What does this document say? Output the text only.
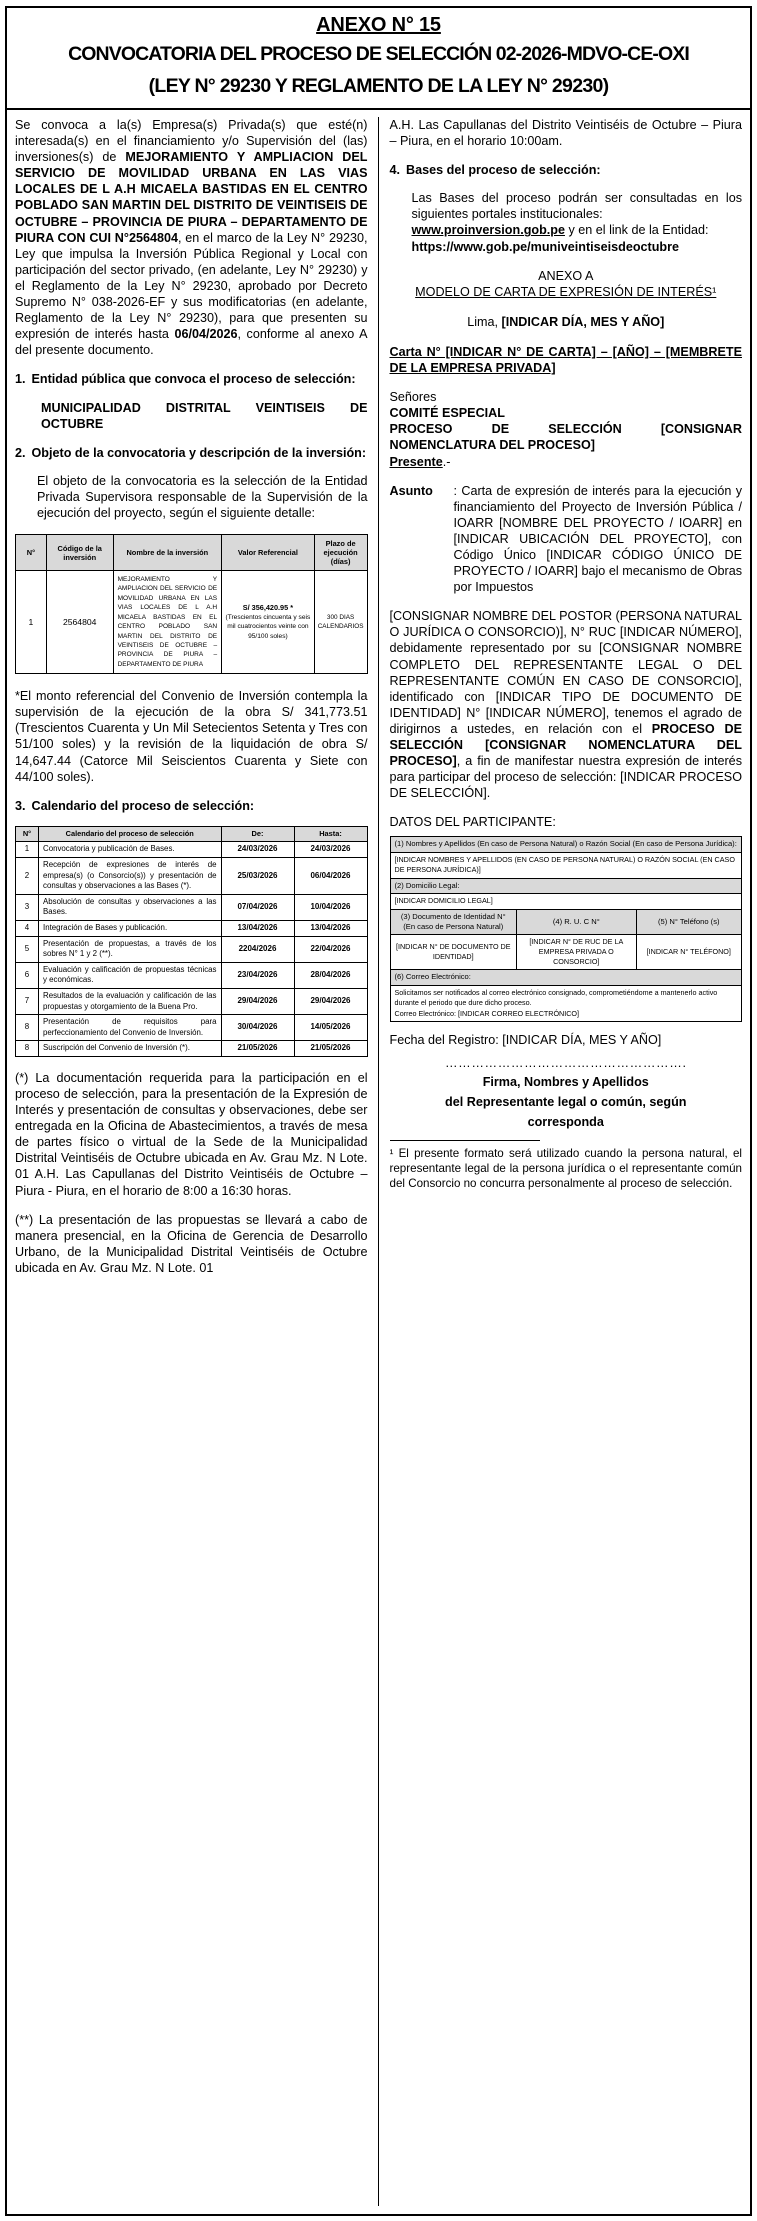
ANEXO N° 15
CONVOCATORIA DEL PROCESO DE SELECCIÓN 02-2026-MDVO-CE-OXI
(LEY N° 29230 Y REGLAMENTO DE LA LEY N° 29230)

Se convoca a la(s) Empresa(s) Privada(s) que esté(n) interesada(s) en el financiamiento y/o Supervisión del (las) inversiones(s) de MEJORAMIENTO Y AMPLIACION DEL SERVICIO DE MOVILIDAD URBANA EN LAS VIAS LOCALES DE L A.H MICAELA BASTIDAS EN EL CENTRO POBLADO SAN MARTIN DEL DISTRITO DE VEINTISEIS DE OCTUBRE – PROVINCIA DE PIURA – DEPARTAMENTO DE PIURA CON CUI N°2564804, en el marco de la Ley N° 29230, Ley que impulsa la Inversión Pública Regional y Local con participación del sector privado, (en adelante, Ley N° 29230) y el Reglamento de la Ley N° 29230, aprobado por Decreto Supremo N° 038-2026-EF y sus modificatorias (en adelante, Reglamento de la Ley N° 29230), para que presenten su expresión de interés hasta 06/04/2026, conforme al anexo A del presente documento.

1. Entidad pública que convoca el proceso de selección:

MUNICIPALIDAD DISTRITAL VEINTISEIS DE OCTUBRE

2. Objeto de la convocatoria y descripción de la inversión:

El objeto de la convocatoria es la selección de la Entidad Privada Supervisora responsable de la Supervisión de la ejecución del proyecto, según el siguiente detalle:

N°	Código de la inversión	Nombre de la inversión	Valor Referencial	Plazo de ejecución (días)
1	2564804	MEJORAMIENTO Y AMPLIACION DEL SERVICIO DE MOVILIDAD URBANA EN LAS VIAS LOCALES DE L A.H MICAELA BASTIDAS EN EL CENTRO POBLADO SAN MARTIN DEL DISTRITO DE VEINTISEIS DE OCTUBRE – PROVINCIA DE PIURA – DEPARTAMENTO DE PIURA	S/ 356,420.95 *
(Trescientos cincuenta y seis mil cuatrocientos veinte con 95/100 soles)	300 DIAS CALENDARIOS

*El monto referencial del Convenio de Inversión contempla la supervisión de la ejecución de la obra S/ 341,773.51 (Trescientos Cuarenta y Un Mil Setecientos Setenta y Tres con 51/100 soles) y la revisión de la liquidación de obra S/ 14,647.44 (Catorce Mil Seiscientos Cuarenta y Siete con 44/100 soles).

3. Calendario del proceso de selección:
N°	Calendario del proceso de selección	De:	Hasta:
1	Convocatoria y publicación de Bases.	24/03/2026	24/03/2026
2	Recepción de expresiones de interés de empresa(s) (o Consorcio(s)) y presentación de consultas y observaciones a las Bases (*).	25/03/2026	06/04/2026
3	Absolución de consultas y observaciones a las Bases.	07/04/2026	10/04/2026
4	Integración de Bases y publicación.	13/04/2026	13/04/2026
5	Presentación de propuestas, a través de los sobres N° 1 y 2 (**).	2204/2026	22/04/2026
6	Evaluación y calificación de propuestas técnicas y económicas.	23/04/2026	28/04/2026
7	Resultados de la evaluación y calificación de las propuestas y otorgamiento de la Buena Pro.	29/04/2026	29/04/2026
8	Presentación de requisitos para perfeccionamiento del Convenio de Inversión.	30/04/2026	14/05/2026
8	Suscripción del Convenio de Inversión (*).	21/05/2026	21/05/2026

(*) La documentación requerida para la participación en el proceso de selección, para la presentación de la Expresión de Interés y presentación de consultas y observaciones, debe ser entregada en la Oficina de Abastecimientos, a través de mesa de partes físico o virtual de la Sede de la Municipalidad Distrital Veintiséis de Octubre ubicada en Av. Grau Mz. N Lote. 01 A.H. Las Capullanas del Distrito Veintiséis de Octubre – Piura - Piura, en el horario de 8:00 a 16:30 horas.

(**) La presentación de las propuestas se llevará a cabo de manera presencial, en la Oficina de Gerencia de Desarrollo Urbano, de la Municipalidad Distrital Veintiséis de Octubre ubicada en Av. Grau Mz. N Lote. 01

A.H. Las Capullanas del Distrito Veintiséis de Octubre – Piura – Piura, en el horario 10:00am.

4. Bases del proceso de selección:

Las Bases del proceso podrán ser consultadas en los siguientes portales institucionales:

www.proinversion.gob.pe y en el link de la Entidad:
https://www.gob.pe/muniveintiseisdeoctubre

ANEXO A

MODELO DE CARTA DE EXPRESIÓN DE INTERÉS¹

Lima, [INDICAR DÍA, MES Y AÑO]

Carta N° [INDICAR N° DE CARTA] – [AÑO] – [MEMBRETE DE LA EMPRESA PRIVADA]

Señores

COMITÉ ESPECIAL

PROCESO DE SELECCIÓN [CONSIGNAR NOMENCLATURA DEL PROCESO]

Presente.-

Asunto	: Carta de expresión de interés para la ejecución y financiamiento del Proyecto de Inversión Pública / IOARR [NOMBRE DEL PROYECTO / IOARR] en [INDICAR UBICACIÓN DEL PROYECTO], con Código Único [INDICAR CÓDIGO ÚNICO DE PROYECTO / IOARR] bajo el mecanismo de Obras por Impuestos

[CONSIGNAR NOMBRE DEL POSTOR (PERSONA NATURAL O JURÍDICA O CONSORCIO)], N° RUC [INDICAR NÚMERO], debidamente representado por su [CONSIGNAR NOMBRE COMPLETO DEL REPRESENTANTE LEGAL O DEL REPRESENTANTE COMÚN EN CASO DE CONSORCIO], identificado con [INDICAR TIPO DE DOCUMENTO DE IDENTIDAD] N° [INDICAR NÚMERO], tenemos el agrado de dirigirnos a ustedes, en relación con el PROCESO DE SELECCIÓN [CONSIGNAR NOMENCLATURA DEL PROCESO], a fin de manifestar nuestra expresión de interés para participar del proceso de selección: [INDICAR PROCESO DE SELECCIÓN].

DATOS DEL PARTICIPANTE:

(1) Nombres y Apellidos (En caso de Persona Natural) o Razón Social (En caso de Persona Jurídica):		
[INDICAR NOMBRES Y APELLIDOS (EN CASO DE PERSONA NATURAL) O RAZÓN SOCIAL (EN CASO DE PERSONA JURÍDICA)]		
(2) Domicilio Legal:		
[INDICAR DOMICILIO LEGAL]		
(3) Documento de Identidad N° (En caso de Persona Natural)	(4) R. U. C N°	(5) N° Teléfono (s)
[INDICAR N° DE DOCUMENTO DE IDENTIDAD]	[INDICAR N° DE RUC DE LA EMPRESA PRIVADA O CONSORCIO]	[INDICAR N° TELÉFONO]
(6) Correo Electrónico:		

Solicitamos ser notificados al correo electrónico consignado, comprometiéndome a mantenerlo activo durante el periodo que dure dicho proceso.
Correo Electrónico: [INDICAR CORREO ELECTRÓNICO]		

Fecha del Registro: [INDICAR DÍA, MES Y AÑO]

……………………………………………….
Firma, Nombres y Apellidos
del Representante legal o común, según
corresponda

¹ El presente formato será utilizado cuando la persona natural, el representante legal de la persona jurídica o el representante común del Consorcio no concurra personalmente al proceso de selección.
